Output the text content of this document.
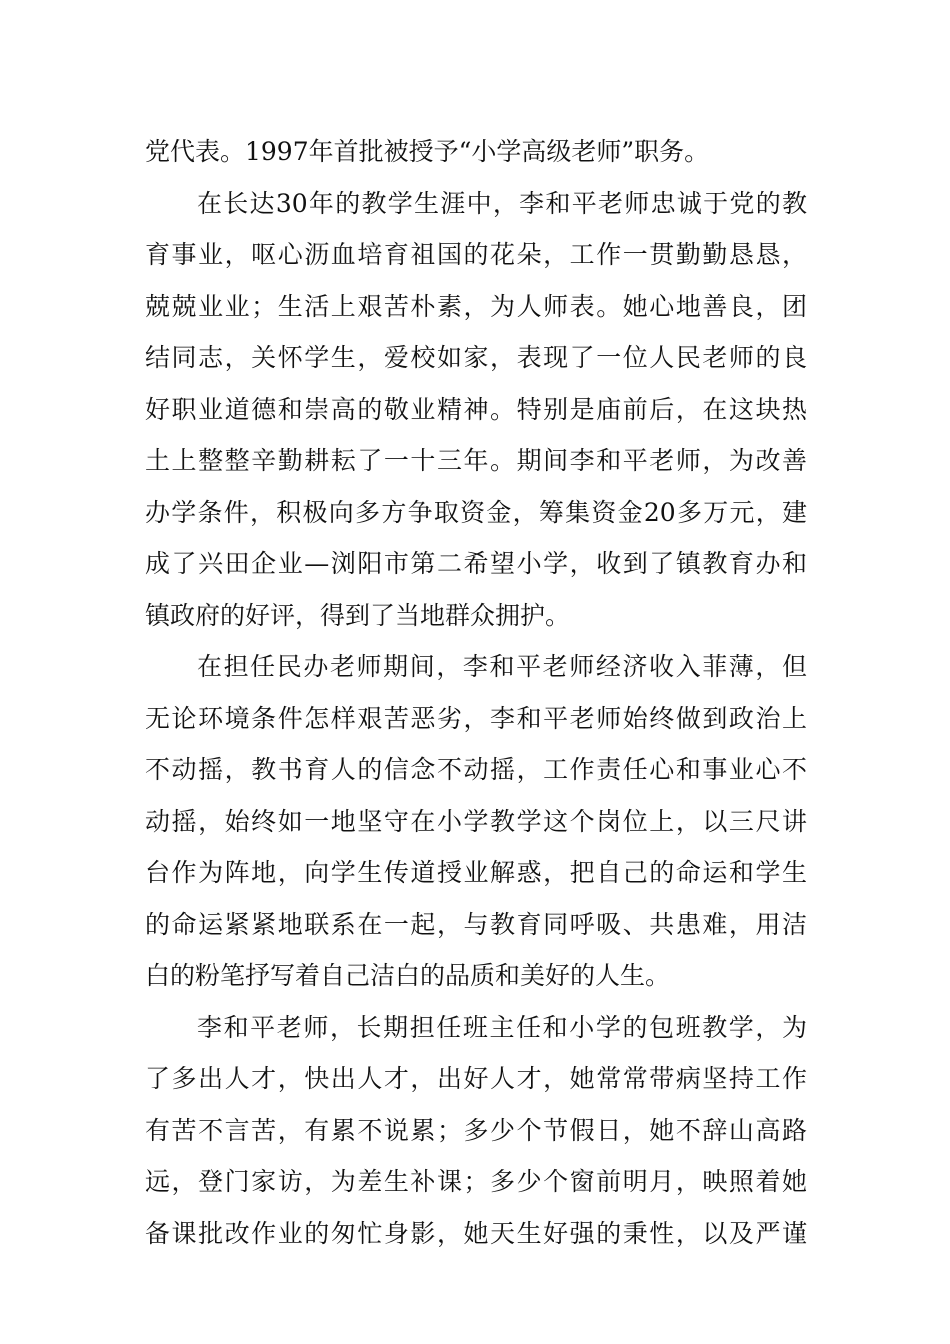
党代表。1997年首批被授予“小学高级老师”职务。
在长达30年的教学生涯中，李和平老师忠诚于党的教
育事业，呕心沥血培育祖国的花朵，工作一贯勤勤恳恳，
兢兢业业；生活上艰苦朴素，为人师表。她心地善良，团
结同志，关怀学生，爱校如家，表现了一位人民老师的良
好职业道德和崇高的敬业精神。特别是庙前后，在这块热
土上整整辛勤耕耘了一十三年。期间李和平老师，为改善
办学条件，积极向多方争取资金，筹集资金20多万元，建
成了兴田企业—浏阳市第二希望小学，收到了镇教育办和
镇政府的好评，得到了当地群众拥护。
在担任民办老师期间，李和平老师经济收入菲薄，但
无论环境条件怎样艰苦恶劣，李和平老师始终做到政治上
不动摇，教书育人的信念不动摇，工作责任心和事业心不
动摇，始终如一地坚守在小学教学这个岗位上，以三尺讲
台作为阵地，向学生传道授业解惑，把自己的命运和学生
的命运紧紧地联系在一起，与教育同呼吸、共患难，用洁
白的粉笔抒写着自己洁白的品质和美好的人生。
李和平老师，长期担任班主任和小学的包班教学，为
了多出人才，快出人才，出好人才，她常常带病坚持工作
有苦不言苦，有累不说累；多少个节假日，她不辞山高路
远，登门家访，为差生补课；多少个窗前明月，映照着她
备课批改作业的匆忙身影，她天生好强的秉性，以及严谨
